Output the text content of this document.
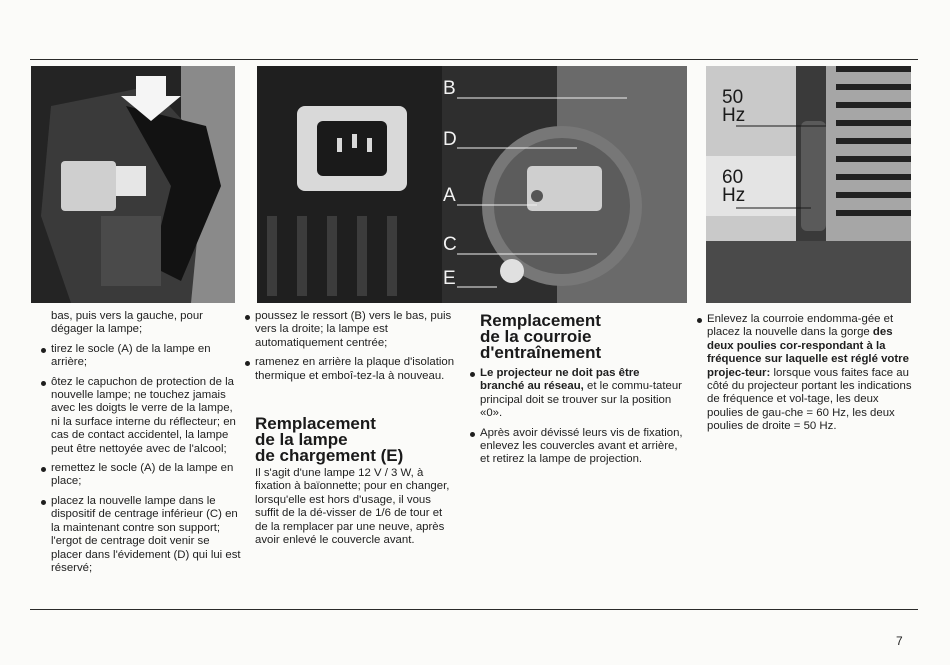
B
D
A
C
E
50
Hz
60
Hz

bas, puis vers la gauche, pour dégager la lampe;

tirez le socle (A) de la lampe en arrière;

ôtez le capuchon de protection de la nouvelle lampe; ne touchez jamais avec les doigts le verre de la lampe, ni la surface interne du réflecteur; en cas de contact accidentel, la lampe peut être nettoyée avec de l'alcool;

remettez le socle (A) de la lampe en place;

placez la nouvelle lampe dans le dispositif de centrage inférieur (C) en la maintenant contre son support; l'ergot de centrage doit venir se placer dans l'évidement (D) qui lui est réservé;

poussez le ressort (B) vers le bas, puis vers la droite; la lampe est automatiquement centrée;

ramenez en arrière la plaque d'isolation thermique et emboî-tez-la à nouveau.

Remplacement
de la lampe
de chargement (E)

Il s'agit d'une lampe 12 V / 3 W, à fixation à baïonnette; pour en changer, lorsqu'elle est hors d'usage, il vous suffit de la dé-visser de 1/6 de tour et de la remplacer par une neuve, après avoir enlevé le couvercle avant.

Remplacement
de la courroie
d'entraînement

Le projecteur ne doit pas être branché au réseau, et le commu-tateur principal doit se trouver sur la position «0».

Après avoir dévissé leurs vis de fixation, enlevez les couvercles avant et arrière, et retirez la lampe de projection.

Enlevez la courroie endomma-gée et placez la nouvelle dans la gorge des deux poulies cor-respondant à la fréquence sur laquelle est réglé votre projec-teur: lorsque vous faites face au côté du projecteur portant les indications de fréquence et vol-tage, les deux poulies de gau-che = 60 Hz, les deux poulies de droite = 50 Hz.

7
